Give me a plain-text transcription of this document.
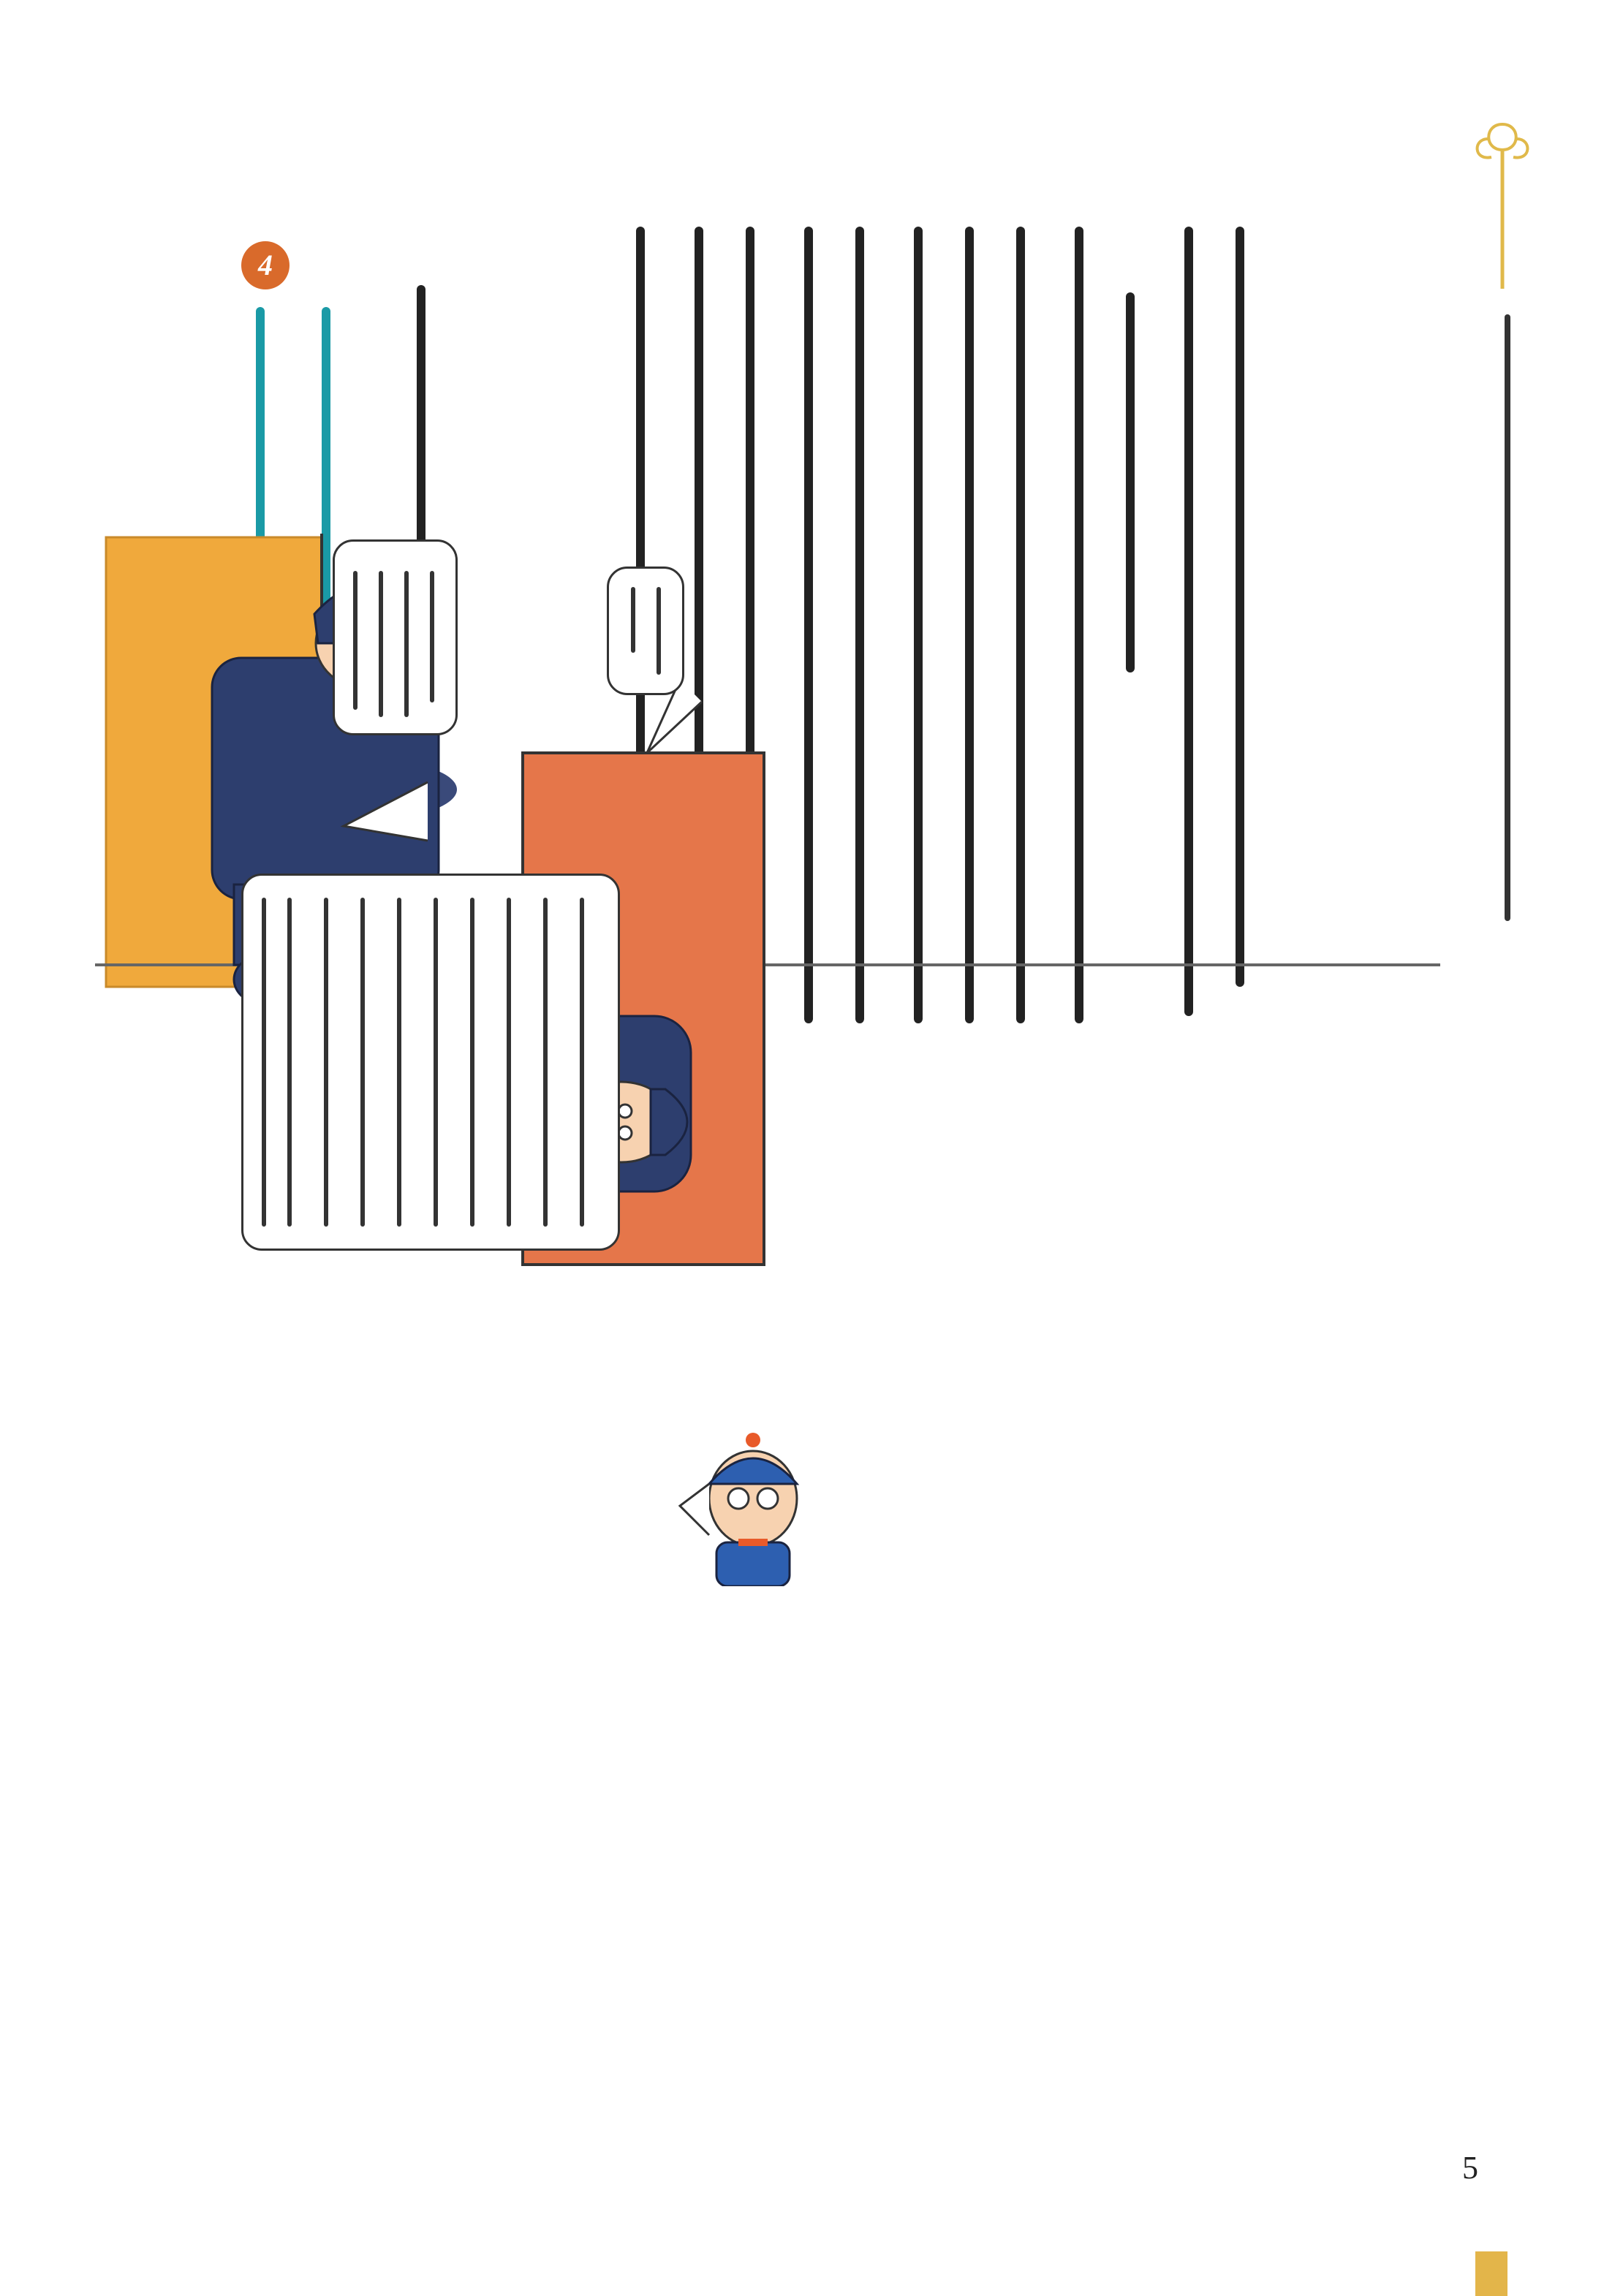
4
5
